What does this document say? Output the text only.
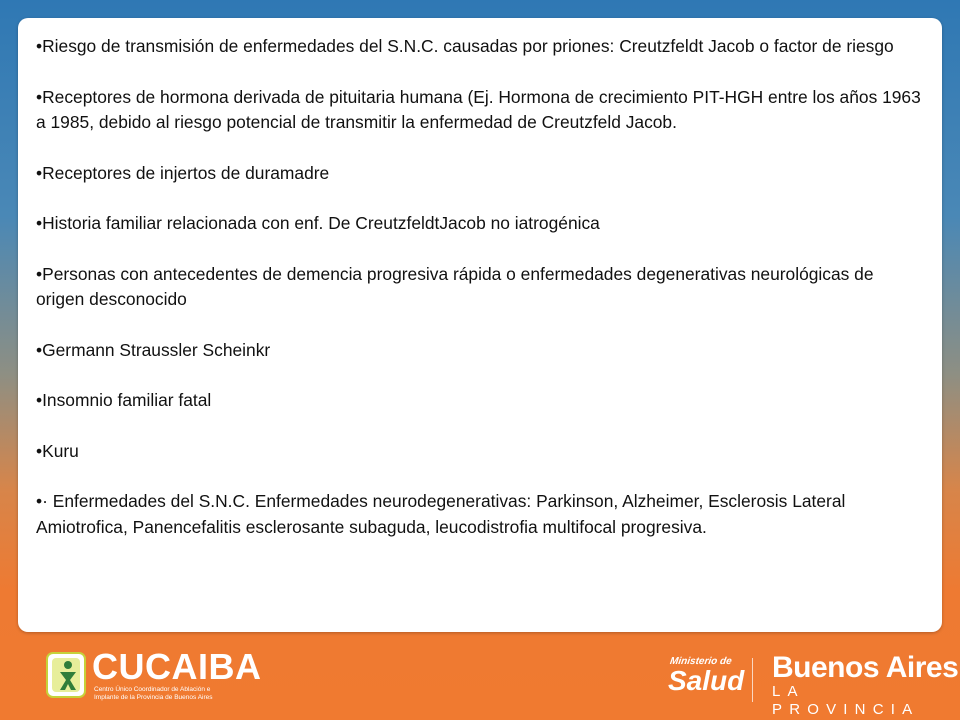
• Riesgo de transmisión de enfermedades del S.N.C. causadas por priones: Creutzfeldt Jacob o factor de riesgo
• Receptores de hormona derivada de pituitaria humana (Ej. Hormona de crecimiento PIT-HGH entre los años 1963 a 1985, debido al riesgo potencial de transmitir la enfermedad de Creutzfeld Jacob.
• Receptores de injertos de duramadre
• Historia familiar relacionada con enf. De CreutzfeldtJacob no iatrogénica
• Personas con antecedentes de demencia progresiva rápida o enfermedades degenerativas neurológicas de origen desconocido
• Germann Straussler Scheinkr
• Insomnio familiar fatal
• Kuru
• · Enfermedades del S.N.C. Enfermedades neurodegenerativas: Parkinson, Alzheimer, Esclerosis Lateral Amiotrofica, Panencefalitis esclerosante subaguda, leucodistrofia multifocal progresiva.
CUCAIBA
Centro Único Coordinador de Ablación e Implante de la Provincia de Buenos Aires
Ministerio de
Salud Buenos Aires
LA PROVINCIA
